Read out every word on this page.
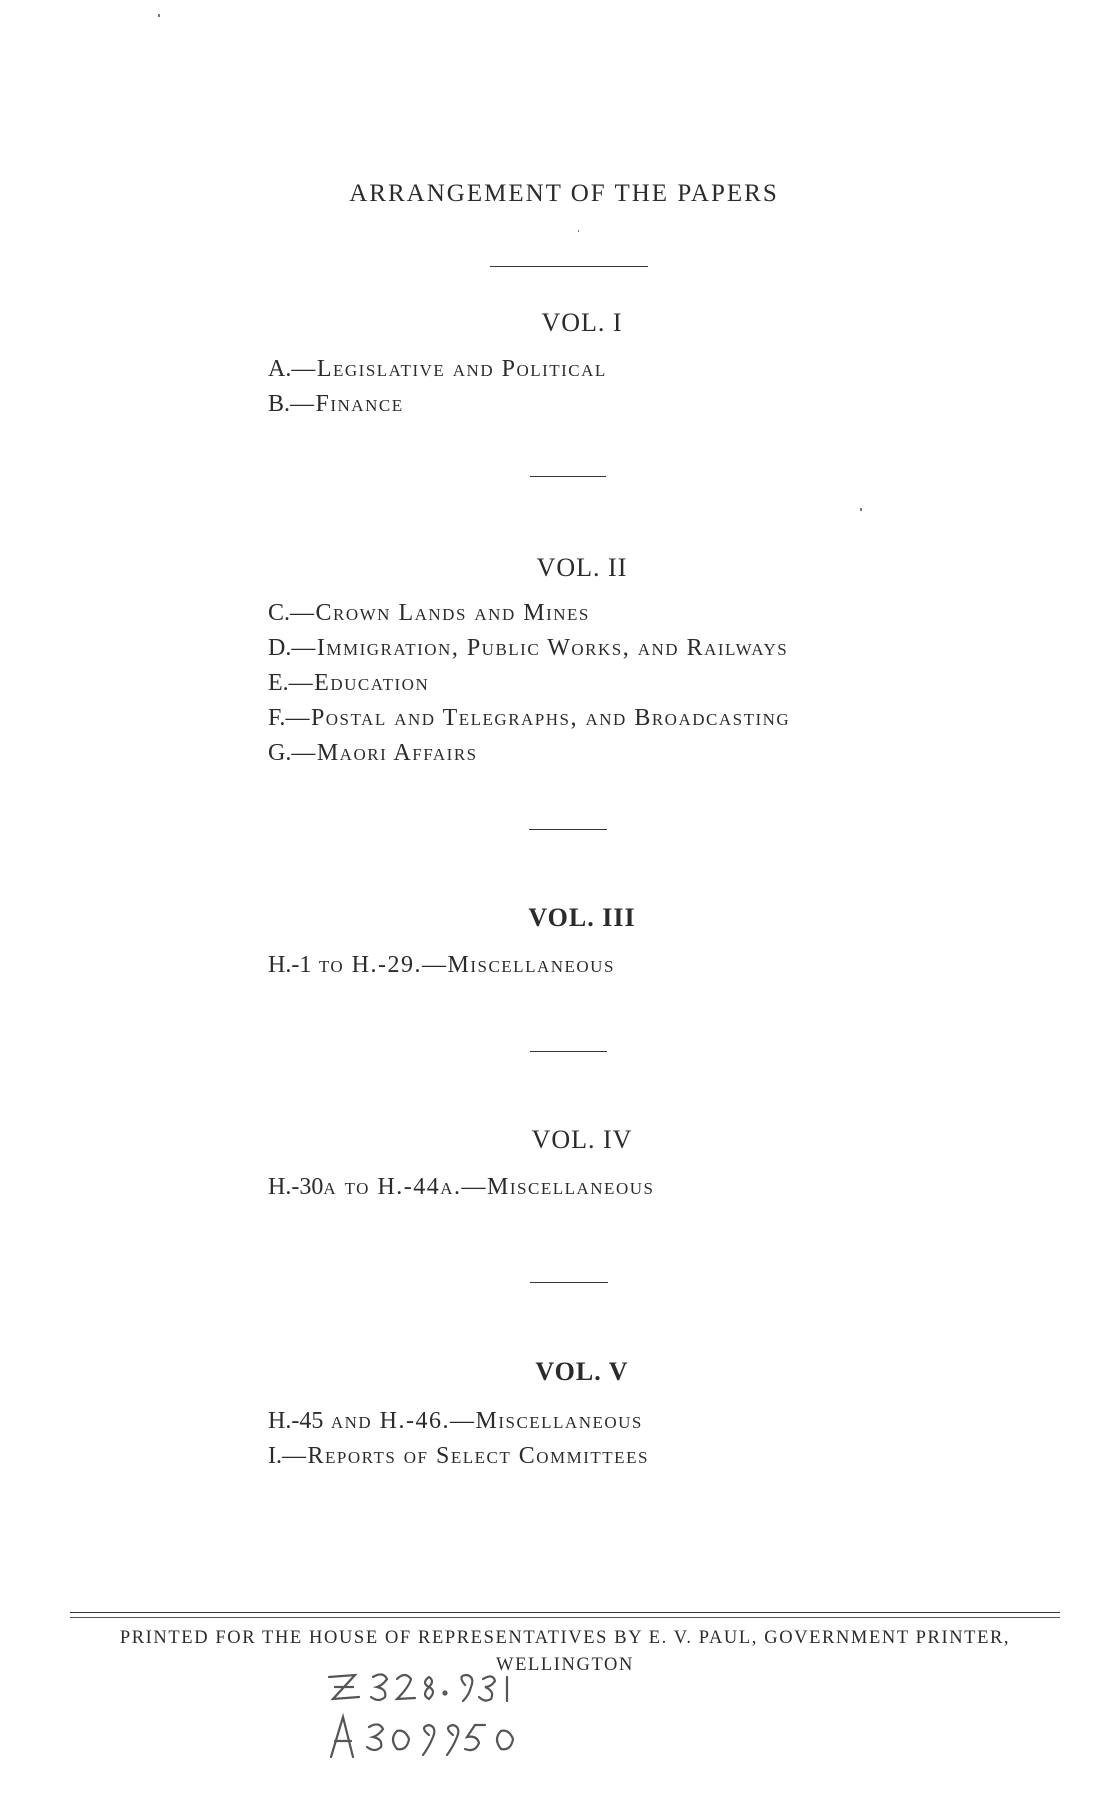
ARRANGEMENT OF THE PAPERS
VOL. I
A.—Legislative and Political
B.—Finance
VOL. II
C.—Crown Lands and Mines
D.—Immigration, Public Works, and Railways
E.—Education
F.—Postal and Telegraphs, and Broadcasting
G.—Maori Affairs
VOL. III
H.-1 to H.-29.—Miscellaneous
VOL. IV
H.-30a to H.-44a.—Miscellaneous
VOL. V
H.-45 and H.-46.—Miscellaneous
I.—Reports of Select Committees
PRINTED FOR THE HOUSE OF REPRESENTATIVES BY E. V. PAUL, GOVERNMENT PRINTER,
WELLINGTON
